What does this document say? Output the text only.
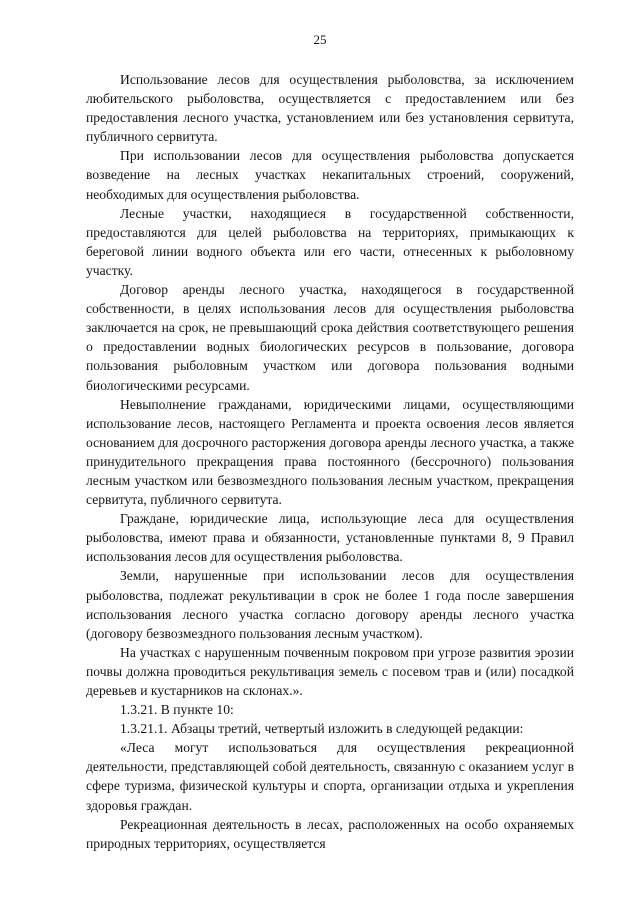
25

Использование лесов для осуществления рыболовства, за исключением любительского рыболовства, осуществляется с предоставлением или без предоставления лесного участка, установлением или без установления сервитута, публичного сервитута.

При использовании лесов для осуществления рыболовства допускается возведение на лесных участках некапитальных строений, сооружений, необходимых для осуществления рыболовства.

Лесные участки, находящиеся в государственной собственности, предоставляются для целей рыболовства на территориях, примыкающих к береговой линии водного объекта или его части, отнесенных к рыболовному участку.

Договор аренды лесного участка, находящегося в государственной собственности, в целях использования лесов для осуществления рыболовства заключается на срок, не превышающий срока действия соответствующего решения о предоставлении водных биологических ресурсов в пользование, договора пользования рыболовным участком или договора пользования водными биологическими ресурсами.

Невыполнение гражданами, юридическими лицами, осуществляющими использование лесов, настоящего Регламента и проекта освоения лесов является основанием для досрочного расторжения договора аренды лесного участка, а также принудительного прекращения права постоянного (бессрочного) пользования лесным участком или безвозмездного пользования лесным участком, прекращения сервитута, публичного сервитута.

Граждане, юридические лица, использующие леса для осуществления рыболовства, имеют права и обязанности, установленные пунктами 8, 9 Правил использования лесов для осуществления рыболовства.

Земли, нарушенные при использовании лесов для осуществления рыболовства, подлежат рекультивации в срок не более 1 года после завершения использования лесного участка согласно договору аренды лесного участка (договору безвозмездного пользования лесным участком).

На участках с нарушенным почвенным покровом при угрозе развития эрозии почвы должна проводиться рекультивация земель с посевом трав и (или) посадкой деревьев и кустарников на склонах.».

1.3.21. В пункте 10:

1.3.21.1. Абзацы третий, четвертый изложить в следующей редакции:

«Леса могут использоваться для осуществления рекреационной деятельности, представляющей собой деятельность, связанную с оказанием услуг в сфере туризма, физической культуры и спорта, организации отдыха и укрепления здоровья граждан.

Рекреационная деятельность в лесах, расположенных на особо охраняемых природных территориях, осуществляется
